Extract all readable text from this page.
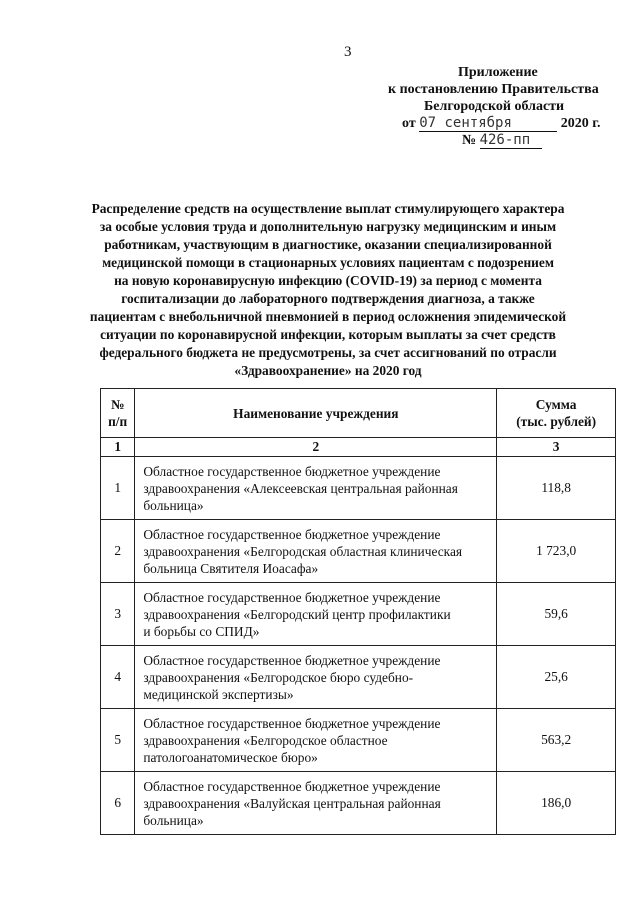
3
Приложение
к постановлению Правительства
Белгородской области
от 07 сентября	2020 г.
№ 426-пп
Распределение средств на осуществление выплат стимулирующего характера
за особые условия труда и дополнительную нагрузку медицинским и иным
работникам, участвующим в диагностике, оказании специализированной
медицинской помощи в стационарных условиях пациентам с подозрением
на новую коронавирусную инфекцию (COVID-19) за период с момента
госпитализации до лабораторного подтверждения диагноза, а также
пациентам с внебольничной пневмонией в период осложнения эпидемической
ситуации по коронавирусной инфекции, которым выплаты за счет средств
федерального бюджета не предусмотрены, за счет ассигнований по отрасли
«Здравоохранение» на 2020 год
№
п/п	Наименование учреждения	Сумма
(тыс. рублей)
1	2	3
1	Областное государственное бюджетное учреждение
здравоохранения «Алексеевская центральная районная
больница»	118,8
2	Областное государственное бюджетное учреждение
здравоохранения «Белгородская областная клиническая
больница Святителя Иоасафа»	1 723,0
3	Областное государственное бюджетное учреждение
здравоохранения «Белгородский центр профилактики
и борьбы со СПИД»	59,6
4	Областное государственное бюджетное учреждение
здравоохранения «Белгородское бюро судебно-
медицинской экспертизы»	25,6
5	Областное государственное бюджетное учреждение
здравоохранения «Белгородское областное
патологоанатомическое бюро»	563,2
6	Областное государственное бюджетное учреждение
здравоохранения «Валуйская центральная районная
больница»	186,0
